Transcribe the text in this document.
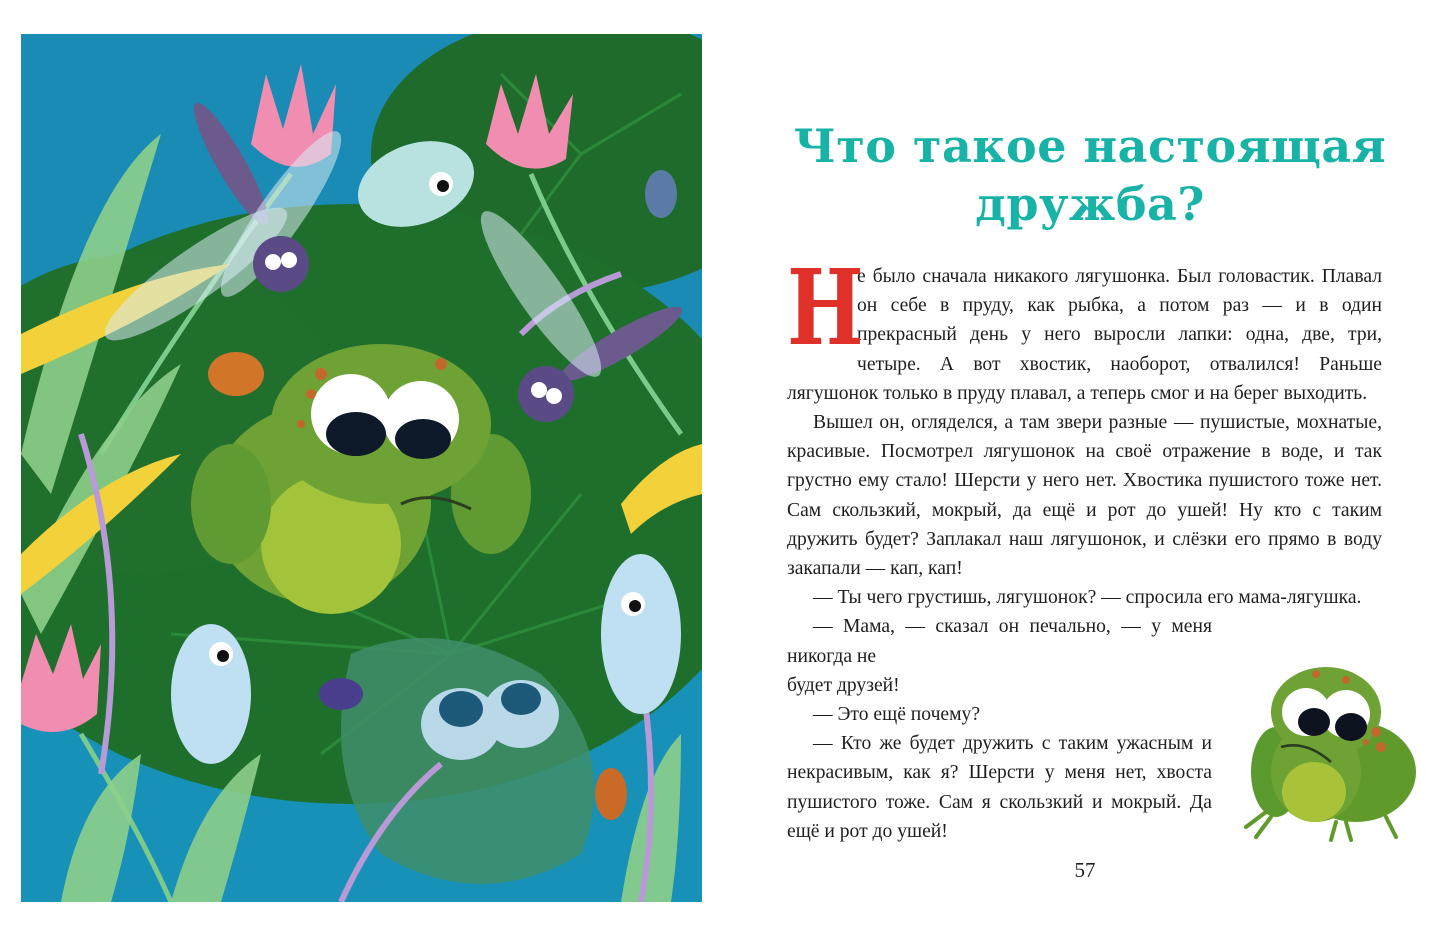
Что такое настоящая
дружба?

Н
е было сначала никакого лягушонка. Был головастик. Плавал он себе в пруду, как рыбка, а потом раз — и в один прекрасный день у него выросли лапки: одна, две, три, четыре. А вот хвостик, наоборот, отвалился! Раньше лягушонок только в пруду плавал, а теперь смог и на берег выходить.

Вышел он, огляделся, а там звери разные — пушистые, мохнатые, красивые. Посмотрел лягушонок на своё отражение в воде, и так грустно ему стало! Шерсти у него нет. Хвостика пушистого тоже нет. Сам скользкий, мокрый, да ещё и рот до ушей! Ну кто с таким дружить будет? Заплакал наш лягушонок, и слёзки его прямо в воду закапали — кап, кап!

— Ты чего грустишь, лягушонок? — спросила его мама-лягушка.

— Мама, — сказал он печально, — у меня никогда не

будет друзей!

— Это ещё почему?

— Кто же будет дружить с таким ужасным и некрасивым, как я? Шерсти у меня нет, хвоста пушистого тоже. Сам я скользкий и мокрый. Да ещё и рот до ушей!

57
